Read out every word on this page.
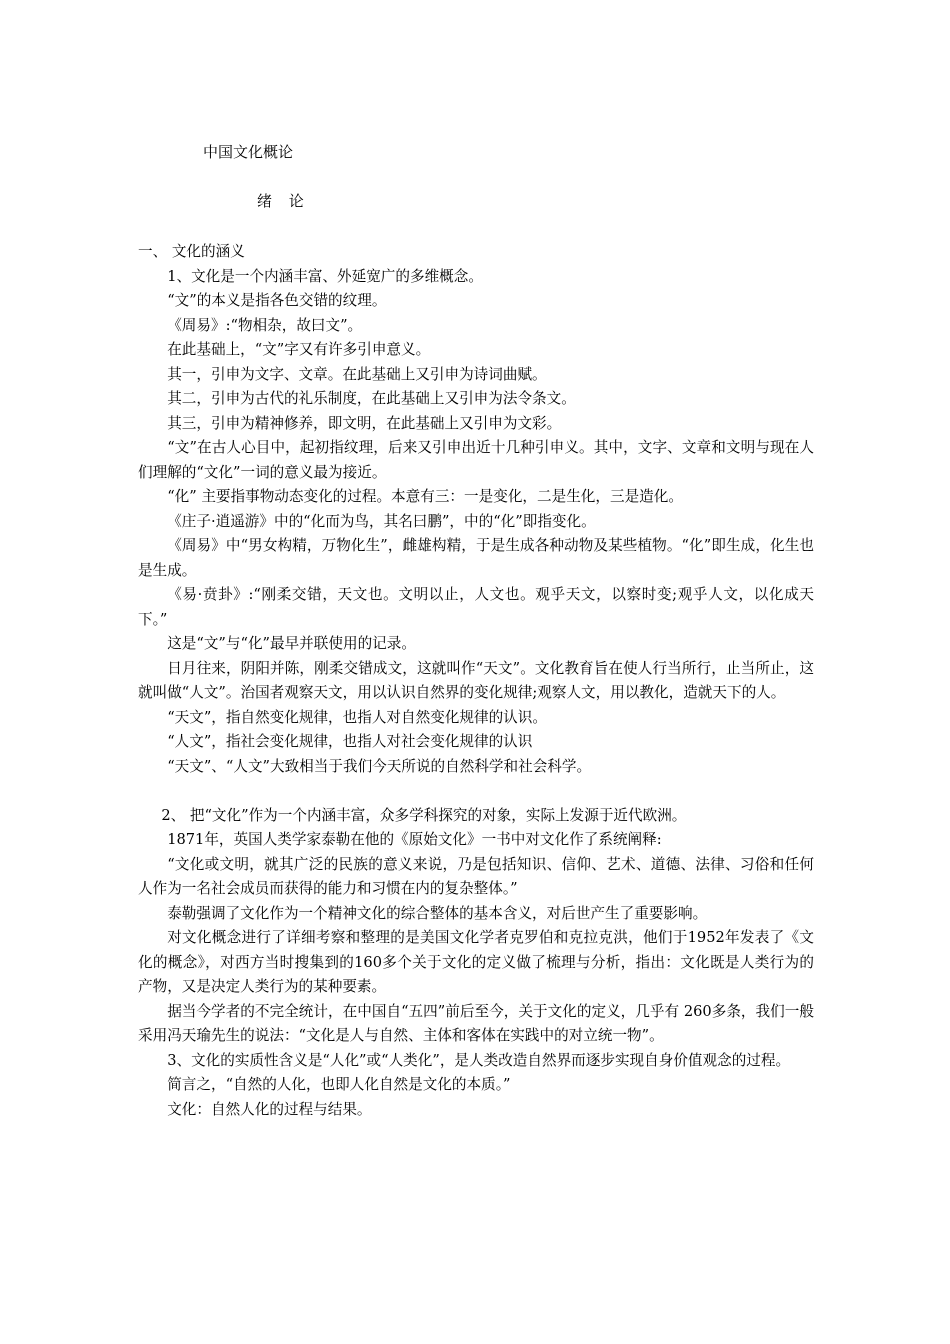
中国文化概论
绪 论

一、 文化的涵义

1、文化是一个内涵丰富、外延宽广的多维概念。

“文”的本义是指各色交错的纹理。

《周易》:“物相杂，故曰文”。

在此基础上，“文”字又有许多引申意义。

其一，引申为文字、文章。在此基础上又引申为诗词曲赋。

其二，引申为古代的礼乐制度，在此基础上又引申为法令条文。

其三，引申为精神修养，即文明，在此基础上又引申为文彩。

“文”在古人心目中，起初指纹理，后来又引申出近十几种引申义。其中，文字、文章和文明与现在人们理解的“文化”一词的意义最为接近。

“化” 主要指事物动态变化的过程。本意有三：一是变化，二是生化，三是造化。

《庄子·逍遥游》中的“化而为鸟，其名曰鹏”，中的“化”即指变化。

《周易》中“男女构精，万物化生”，雌雄构精，于是生成各种动物及某些植物。“化”即生成，化生也是生成。

《易·贲卦》:“刚柔交错，天文也。文明以止，人文也。观乎天文，以察时变;观乎人文，以化成天下。”

这是“文”与“化”最早并联使用的记录。

日月往来，阴阳并陈，刚柔交错成文，这就叫作“天文”。文化教育旨在使人行当所行，止当所止，这就叫做“人文”。治国者观察天文，用以认识自然界的变化规律;观察人文，用以教化，造就天下的人。

“天文”，指自然变化规律，也指人对自然变化规律的认识。

“人文”，指社会变化规律，也指人对社会变化规律的认识

“天文”、“人文”大致相当于我们今天所说的自然科学和社会科学。

2、 把“文化”作为一个内涵丰富，众多学科探究的对象，实际上发源于近代欧洲。

1871年，英国人类学家泰勒在他的《原始文化》一书中对文化作了系统阐释:

“文化或文明，就其广泛的民族的意义来说，乃是包括知识、信仰、艺术、道德、法律、习俗和任何人作为一名社会成员而获得的能力和习惯在内的复杂整体。”

泰勒强调了文化作为一个精神文化的综合整体的基本含义，对后世产生了重要影响。

对文化概念进行了详细考察和整理的是美国文化学者克罗伯和克拉克洪，他们于1952年发表了《文化的概念》，对西方当时搜集到的160多个关于文化的定义做了梳理与分析，指出：文化既是人类行为的产物，又是决定人类行为的某种要素。

据当今学者的不完全统计，在中国自“五四”前后至今，关于文化的定义，几乎有 260多条，我们一般采用冯天瑜先生的说法：“文化是人与自然、主体和客体在实践中的对立统一物”。

3、文化的实质性含义是“人化”或“人类化”，是人类改造自然界而逐步实现自身价值观念的过程。

简言之，“自然的人化，也即人化自然是文化的本质。”

文化：自然人化的过程与结果。
